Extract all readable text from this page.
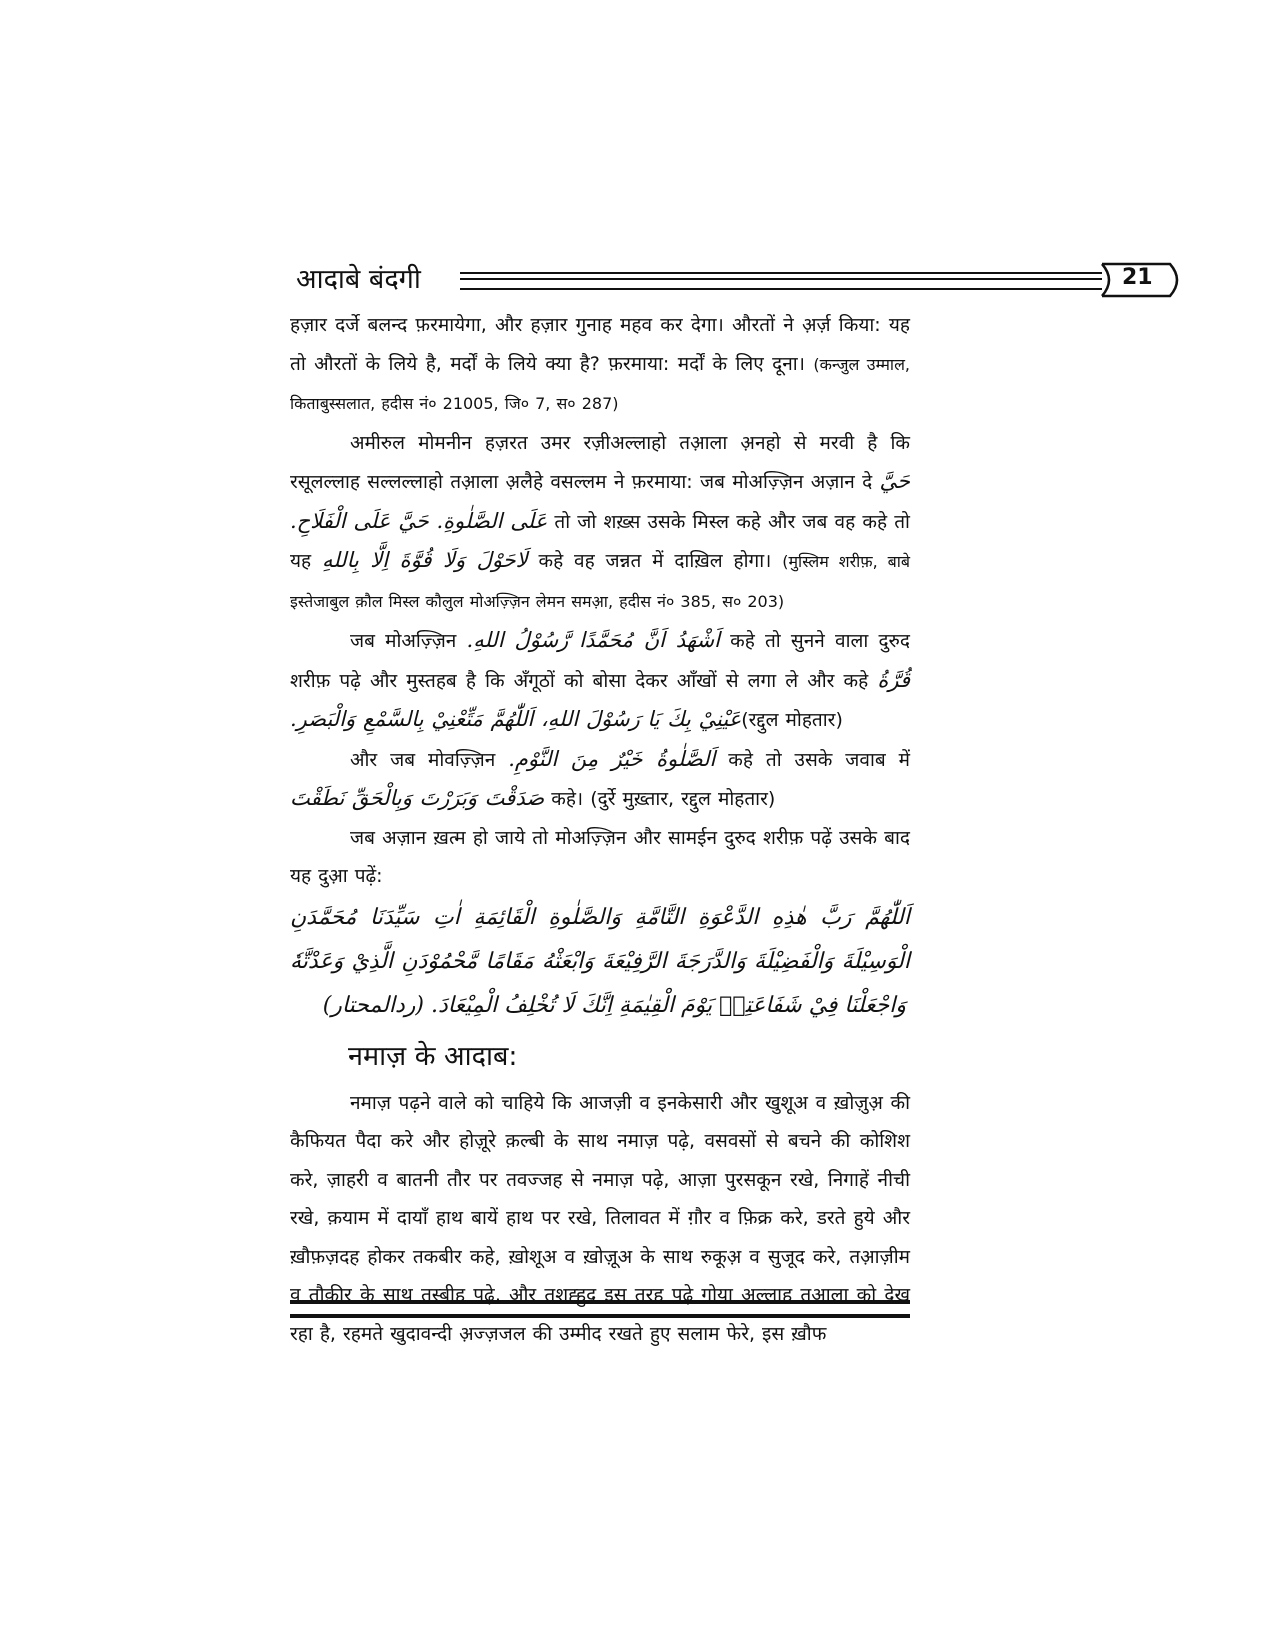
आदाबे बंदगी	21

हज़ार दर्जे बलन्द फ़रमायेगा, और हज़ार गुनाह महव कर देगा। औरतों ने अ़र्ज़ किया: यह तो औरतों के लिये है, मर्दों के लिये क्या है? फ़रमाया: मर्दों के लिए दूना। (कन्जुल उम्माल, किताबुस्सलात, हदीस नं० 21005, जि० 7, स० 287)

अमीरुल मोमनीन हज़रत उमर रज़ीअल्लाहो तआ़ला अ़नहो से मरवी है कि रसूलल्लाह सल्लल्लाहो तआ़ला अ़लैहे वसल्लम ने फ़रमाया: जब मोअज़्ज़िन अज़ान दे حَيَّ عَلَى الصَّلٰوةِ. حَيَّ عَلَى الْفَلَاحِ. तो जो शख़्स उसके मिस्ल कहे और जब वह कहे तो यह لَاحَوْلَ وَلَا قُوَّةَ اِلَّا بِاللهِ कहे वह जन्नत में दाख़िल होगा। (मुस्लिम शरीफ़, बाबे इस्तेजाबुल क़ौल मिस्ल कौलुल मोअज़्ज़िन लेमन समअ़ा, हदीस नं० 385, स० 203)

जब मोअज़्ज़िन اَشْهَدُ اَنَّ مُحَمَّدًا رَّسُوْلُ اللهِ. कहे तो सुनने वाला दुरुद शरीफ़ पढ़े और मुस्तहब है कि अँगूठों को बोसा देकर आँखों से लगा ले और कहे قُرَّةُ عَيْنِيْ بِكَ يَا رَسُوْلَ اللهِ، اَللّٰهُمَّ مَتِّعْنِيْ بِالسَّمْعِ وَالْبَصَرِ.(रद्दुल मोहतार)

और जब मोवज़्ज़िन اَلصَّلٰوةُ خَيْرٌ مِنَ النَّوْمِ. कहे तो उसके जवाब में صَدَقْتَ وَبَرَرْتَ وَبِالْحَقِّ نَطَقْتَ कहे। (दुर्रे मुख़्तार, रद्दुल मोहतार)

जब अज़ान ख़त्म हो जाये तो मोअज़्ज़िन और सामईन दुरुद शरीफ़ पढ़ें उसके बाद यह दुआ़ पढ़ें:

اَللّٰهُمَّ رَبَّ هٰذِهِ الدَّعْوَةِ التَّامَّةِ وَالصَّلٰوةِ الْقَائِمَةِ اٰتِ سَيِّدَنَا مُحَمَّدَنِ

الْوَسِيْلَةَ وَالْفَضِيْلَةَ وَالدَّرَجَةَ الرَّفِيْعَةَ وَابْعَثْهُ مَقَامًا مَّحْمُوْدَنِ الَّذِيْ وَعَدْتَّهٗ

وَاجْعَلْنَا فِيْ شَفَاعَتِهٖ يَوْمَ الْقِيٰمَةِ اِنَّكَ لَا تُخْلِفُ الْمِيْعَادَ. (ردالمحتار)

नमाज़ के आदाब:

नमाज़ पढ़ने वाले को चाहिये कि आजज़ी व इनकेसारी और खुशूअ व ख़ोज़ुअ़ की कैफियत पैदा करे और होज़ूरे क़ल्बी के साथ नमाज़ पढ़े, वसवसों से बचने की कोशिश करे, ज़ाहरी व बातनी तौर पर तवज्जह से नमाज़ पढ़े, आज़ा पुरसकून रखे, निगाहें नीची रखे, क़याम में दायाँ हाथ बायें हाथ पर रखे, तिलावत में ग़ौर व फ़िक्र करे, डरते हुये और ख़ौफ़ज़दह होकर तकबीर कहे, ख़ोशूअ व ख़ोज़ूअ के साथ रुकूअ़ व सुजूद करे, तअ़ाज़ीम व तौक़ीर के साथ तस्बीह पढ़े, और तशह्हुद इस तरह पढ़े गोया अल्लाह तआ़ला को देख रहा है, रहमते खुदावन्दी अ़ज्ज़जल की उम्मीद रखते हुए सलाम फेरे, इस ख़ौफ
